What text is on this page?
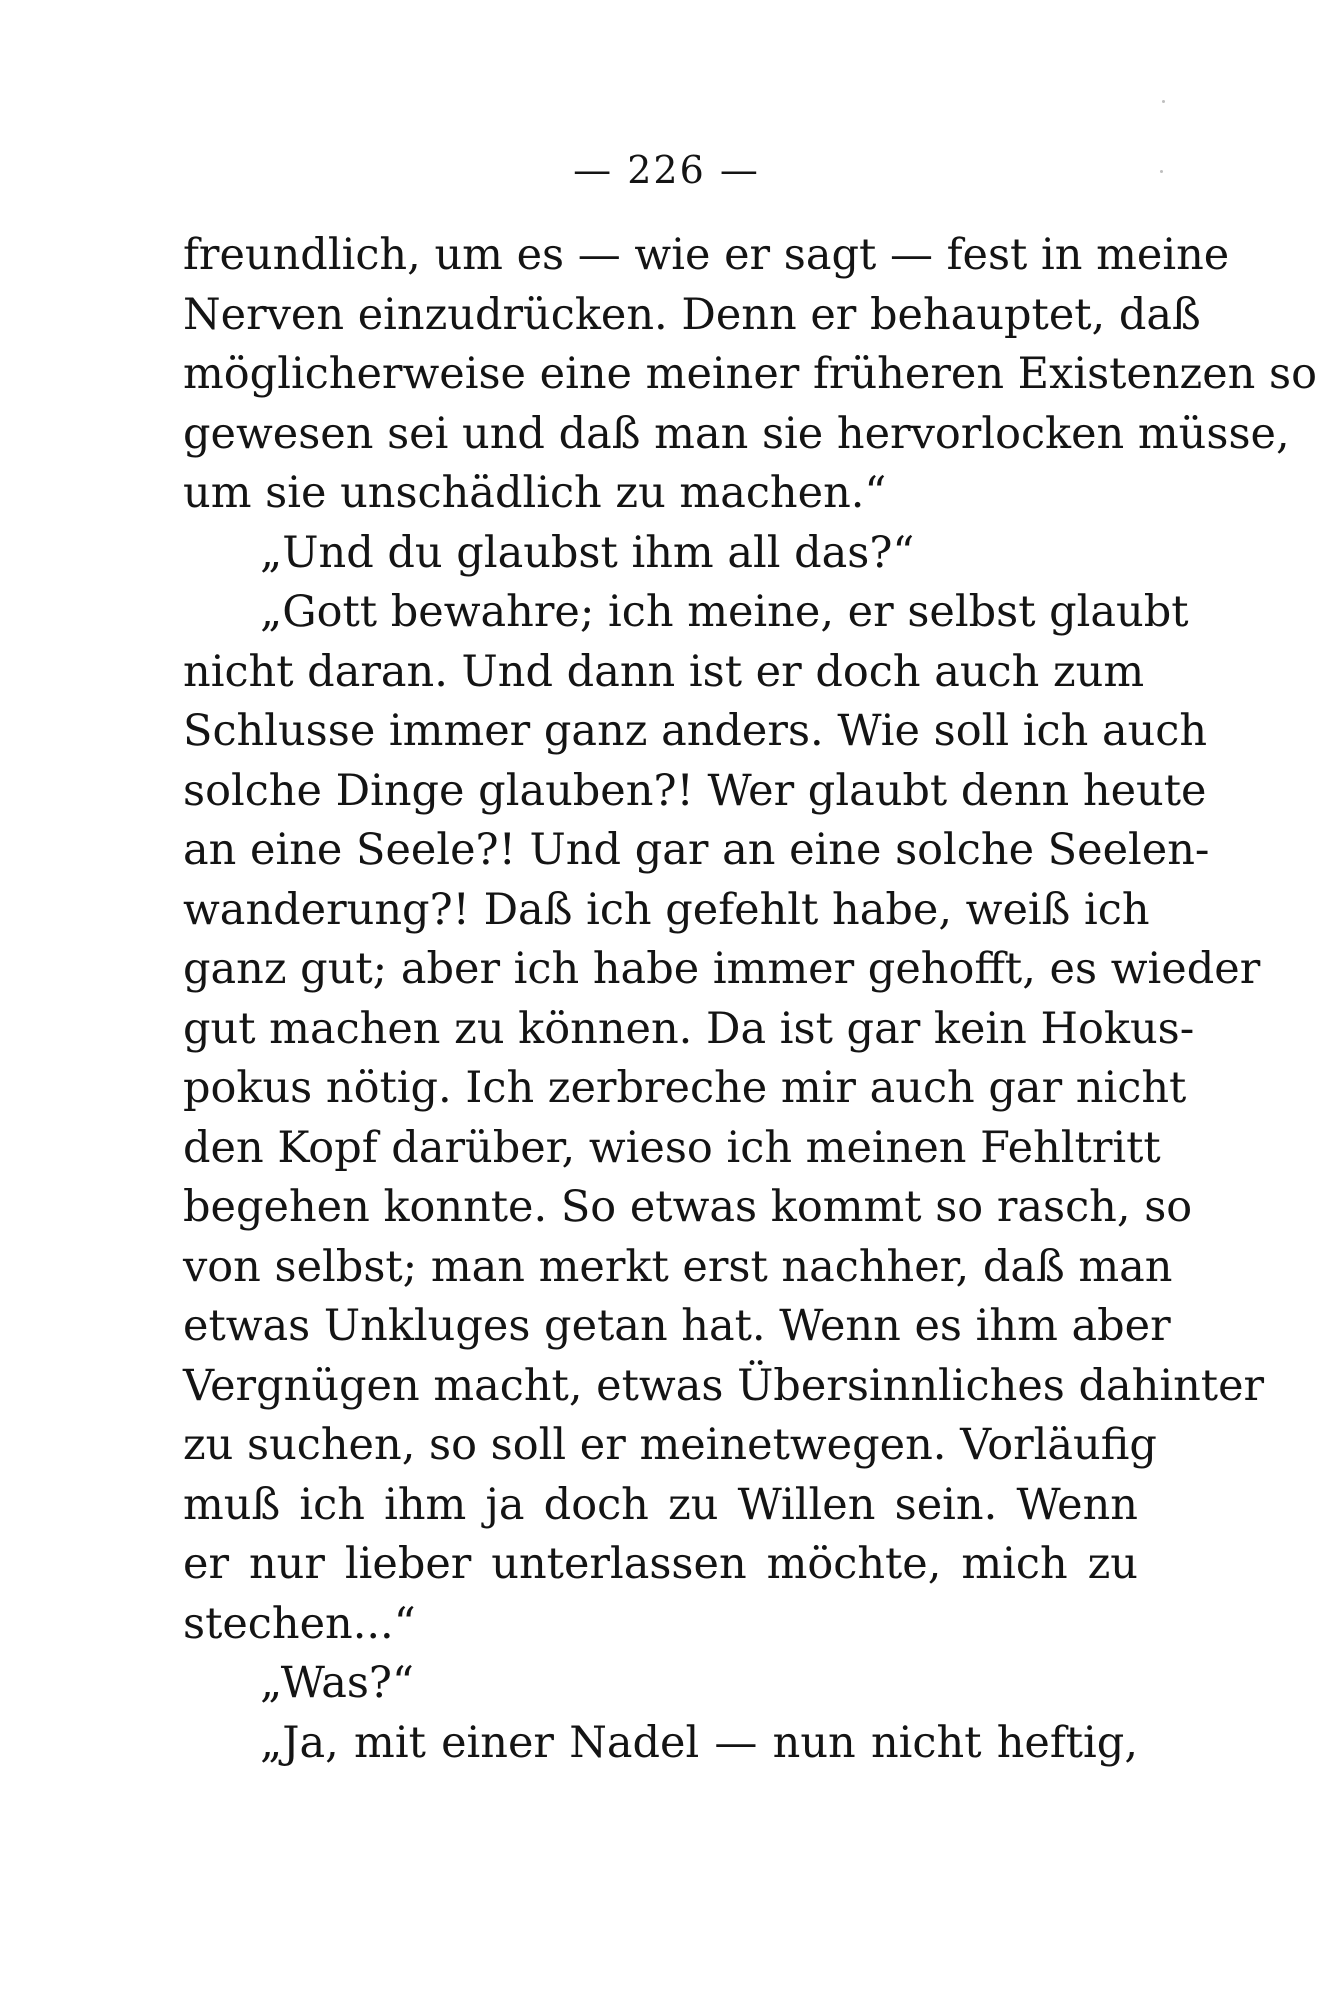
— 226 —
freundlich, um es — wie er sagt — fest in meine
Nerven einzudrücken. Denn er behauptet, daß
möglicherweise eine meiner früheren Existenzen so
gewesen sei und daß man sie hervorlocken müsse,
um sie unschädlich zu machen.“
„Und du glaubst ihm all das?“
„Gott bewahre; ich meine, er selbst glaubt
nicht daran. Und dann ist er doch auch zum
Schlusse immer ganz anders. Wie soll ich auch
solche Dinge glauben?! Wer glaubt denn heute
an eine Seele?! Und gar an eine solche Seelen-
wanderung?! Daß ich gefehlt habe, weiß ich
ganz gut; aber ich habe immer gehofft, es wieder
gut machen zu können. Da ist gar kein Hokus-
pokus nötig. Ich zerbreche mir auch gar nicht
den Kopf darüber, wieso ich meinen Fehltritt
begehen konnte. So etwas kommt so rasch, so
von selbst; man merkt erst nachher, daß man
etwas Unkluges getan hat. Wenn es ihm aber
Vergnügen macht, etwas Übersinnliches dahinter
zu suchen, so soll er meinetwegen. Vorläufig
muß ich ihm ja doch zu Willen sein. Wenn
er nur lieber unterlassen möchte, mich zu
stechen...“
„Was?“
„Ja, mit einer Nadel — nun nicht heftig,
